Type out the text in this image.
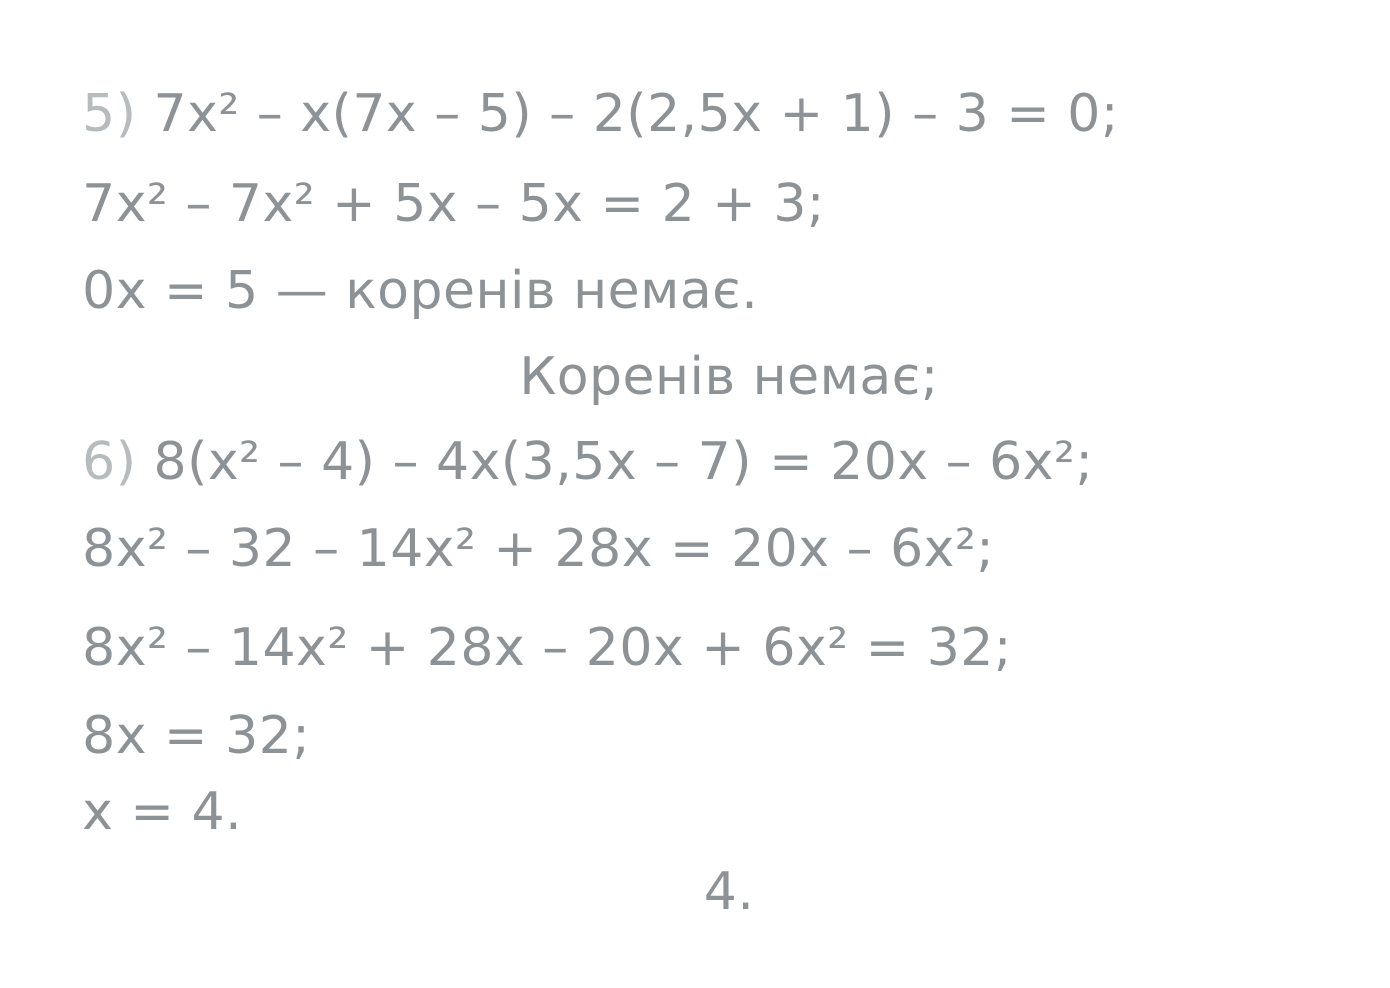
5) 7x² – x(7x – 5) – 2(2,5x + 1) – 3 = 0;

7x² – 7x² + 5x – 5x = 2 + 3;

0x = 5 — коренів немає.

Коренів немає;

6) 8(x² – 4) – 4x(3,5x – 7) = 20x – 6x²;

8x² – 32 – 14x² + 28x = 20x – 6x²;

8x² – 14x² + 28x – 20x + 6x² = 32;

8x = 32;

x = 4.

4.
